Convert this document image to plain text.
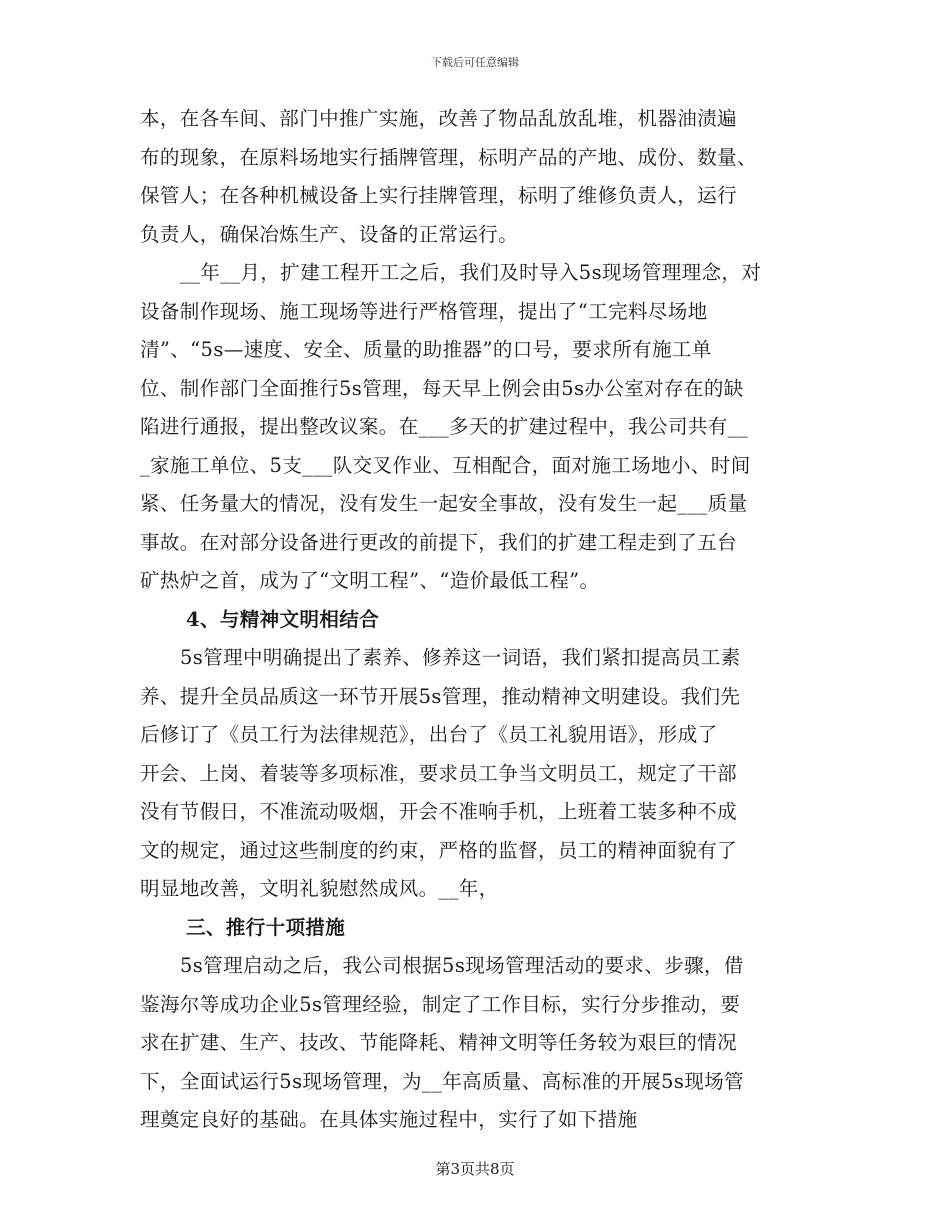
下载后可任意编辑

本，在各车间、部门中推广实施，改善了物品乱放乱堆，机器油渍遍
布的现象，在原料场地实行插牌管理，标明产品的产地、成份、数量、
保管人；在各种机械设备上实行挂牌管理，标明了维修负责人，运行
负责人，确保冶炼生产、设备的正常运行。

__年__月，扩建工程开工之后，我们及时导入5s现场管理理念，对
设备制作现场、施工现场等进行严格管理，提出了“工完料尽场地
清”、“5s—速度、安全、质量的助推器”的口号，要求所有施工单
位、制作部门全面推行5s管理，每天早上例会由5s办公室对存在的缺
陷进行通报，提出整改议案。在___多天的扩建过程中，我公司共有__
_家施工单位、5支___队交叉作业、互相配合，面对施工场地小、时间
紧、任务量大的情况，没有发生一起安全事故，没有发生一起___质量
事故。在对部分设备进行更改的前提下，我们的扩建工程走到了五台
矿热炉之首，成为了“文明工程”、“造价最低工程”。

4、与精神文明相结合

5s管理中明确提出了素养、修养这一词语，我们紧扣提高员工素
养、提升全员品质这一环节开展5s管理，推动精神文明建设。我们先
后修订了《员工行为法律规范》，出台了《员工礼貌用语》，形成了
开会、上岗、着装等多项标准，要求员工争当文明员工，规定了干部
没有节假日，不准流动吸烟，开会不准响手机，上班着工装多种不成
文的规定，通过这些制度的约束，严格的监督，员工的精神面貌有了
明显地改善，文明礼貌慰然成风。__年，

三、推行十项措施

5s管理启动之后，我公司根据5s现场管理活动的要求、步骤，借
鉴海尔等成功企业5s管理经验，制定了工作目标，实行分步推动，要
求在扩建、生产、技改、节能降耗、精神文明等任务较为艰巨的情况
下，全面试运行5s现场管理，为__年高质量、高标准的开展5s现场管
理奠定良好的基础。在具体实施过程中，实行了如下措施

第3页共8页
